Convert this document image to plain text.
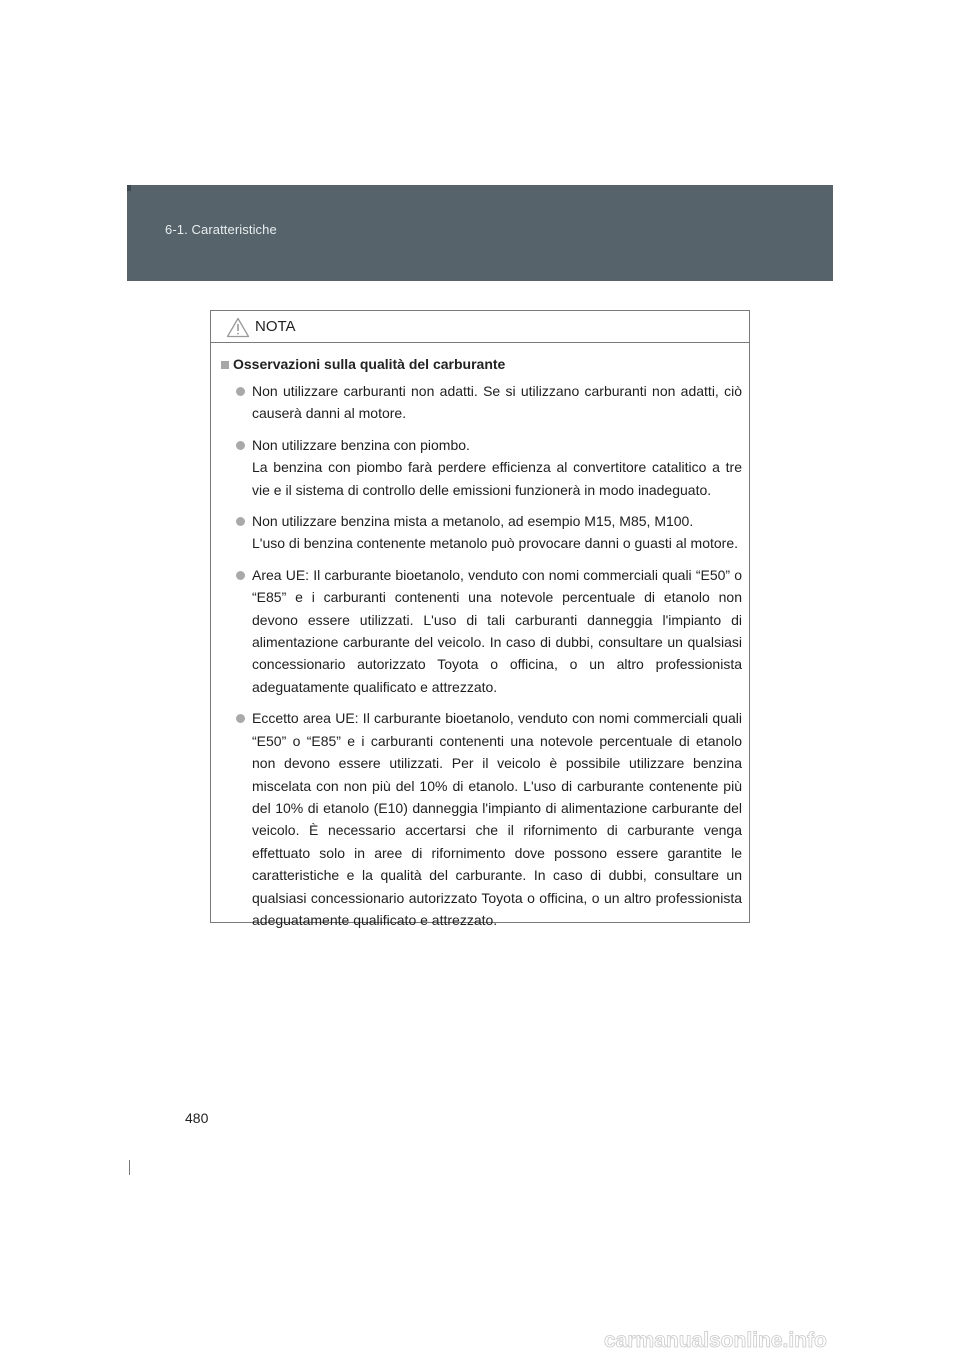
6-1. Caratteristiche
NOTA
Osservazioni sulla qualità del carburante

Non utilizzare carburanti non adatti. Se si utilizzano carburanti non adatti, ciò causerà danni al motore.

Non utilizzare benzina con piombo.

La benzina con piombo farà perdere efficienza al convertitore catalitico a tre vie e il sistema di controllo delle emissioni funzionerà in modo inadeguato.

Non utilizzare benzina mista a metanolo, ad esempio M15, M85, M100.

L'uso di benzina contenente metanolo può provocare danni o guasti al motore.

Area UE: Il carburante bioetanolo, venduto con nomi commerciali quali “E50” o “E85” e i carburanti contenenti una notevole percentuale di etanolo non devono essere utilizzati. L'uso di tali carburanti danneggia l'impianto di alimentazione carburante del veicolo. In caso di dubbi, consultare un qualsiasi concessionario autorizzato Toyota o officina, o un altro professionista adeguatamente qualificato e attrezzato.

Eccetto area UE: Il carburante bioetanolo, venduto con nomi commerciali quali “E50” o “E85” e i carburanti contenenti una notevole percentuale di etanolo non devono essere utilizzati. Per il veicolo è possibile utilizzare benzina miscelata con non più del 10% di etanolo. L'uso di carburante contenente più del 10% di etanolo (E10) danneggia l'impianto di alimentazione carburante del veicolo. È necessario accertarsi che il rifornimento di carburante venga effettuato solo in aree di rifornimento dove possono essere garantite le caratteristiche e la qualità del carburante. In caso di dubbi, consultare un qualsiasi concessionario autorizzato Toyota o officina, o un altro professionista adeguatamente qualificato e attrezzato.

480
carmanualsonline.info
